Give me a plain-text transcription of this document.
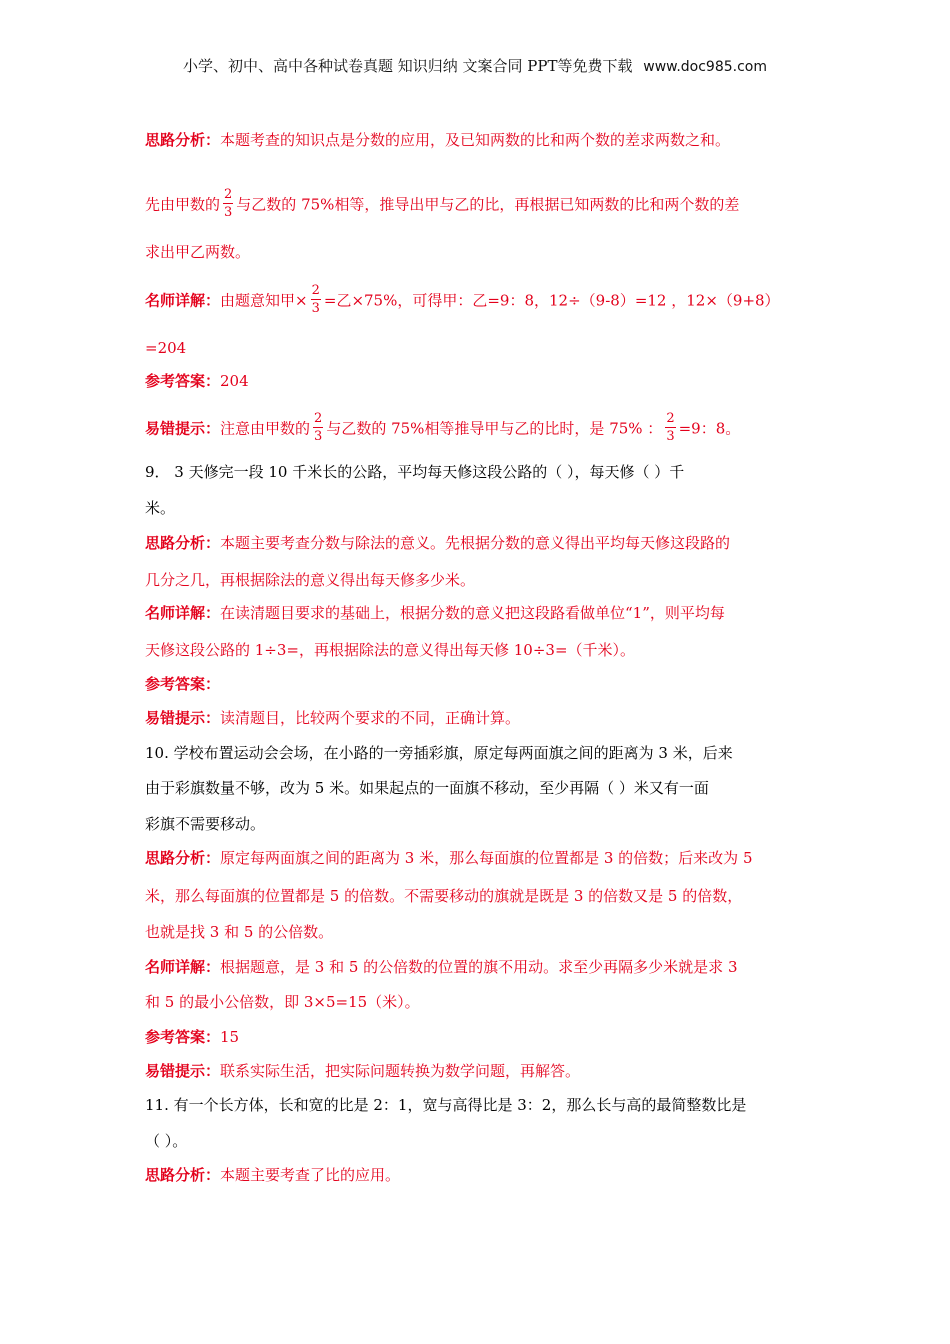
小学、初中、高中各种试卷真题 知识归纳 文案合同 PPT等免费下载 www.doc985.com
思路分析：本题考查的知识点是分数的应用，及已知两数的比和两个数的差求两数之和。
先由甲数的 $\frac{2}{3}$ 与乙数的 75%相等，推导出甲与乙的比，再根据已知两数的比和两个数的差
求出甲乙两数。
名师详解：由题意知甲× $\frac{2}{3}$ =乙×75%，可得甲：乙=9：8，12÷（9-8）=12 ，12×（9+8）
=204
参考答案：204
易错提示：注意由甲数的 $\frac{2}{3}$ 与乙数的 75%相等推导甲与乙的比时，是 75% ： $\frac{2}{3} =9$：8。
9． 3 天修完一段 10 千米长的公路，平均每天修这段公路的（ ），每天修（ ）千
米。
思路分析：本题主要考查分数与除法的意义。先根据分数的意义得出平均每天修这段路的
几分之几，再根据除法的意义得出每天修多少米。
名师详解：在读清题目要求的基础上，根据分数的意义把这段路看做单位“1”，则平均每
天修这段公路的 1÷3=，再根据除法的意义得出每天修 10÷3=（千米）。
参考答案：
易错提示：读清题目，比较两个要求的不同，正确计算。
10. 学校布置运动会会场，在小路的一旁插彩旗，原定每两面旗之间的距离为 3 米，后来
由于彩旗数量不够，改为 5 米。如果起点的一面旗不移动，至少再隔（ ）米又有一面
彩旗不需要移动。
思路分析：原定每两面旗之间的距离为 3 米，那么每面旗的位置都是 3 的倍数；后来改为 5
米，那么每面旗的位置都是 5 的倍数。不需要移动的旗就是既是 3 的倍数又是 5 的倍数，
也就是找 3 和 5 的公倍数。
名师详解：根据题意，是 3 和 5 的公倍数的位置的旗不用动。求至少再隔多少米就是求 3
和 5 的最小公倍数，即 3×5=15（米）。
参考答案：15
易错提示：联系实际生活，把实际问题转换为数学问题，再解答。
11. 有一个长方体，长和宽的比是 2：1，宽与高得比是 3：2，那么长与高的最简整数比是
（ ）。
思路分析：本题主要考查了比的应用。
